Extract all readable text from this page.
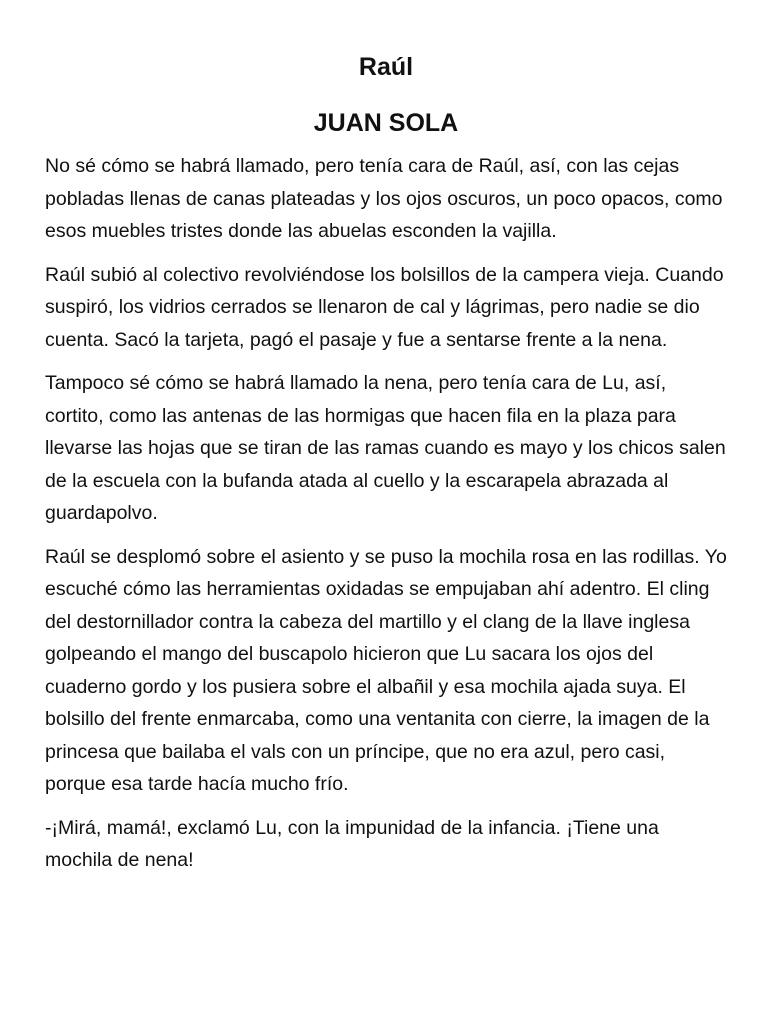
Raúl
JUAN SOLA

No sé cómo se habrá llamado, pero tenía cara de Raúl, así, con las cejas pobladas llenas de canas plateadas y los ojos oscuros, un poco opacos, como esos muebles tristes donde las abuelas esconden la vajilla.

Raúl subió al colectivo revolviéndose los bolsillos de la campera vieja. Cuando suspiró, los vidrios cerrados se llenaron de cal y lágrimas, pero nadie se dio cuenta. Sacó la tarjeta, pagó el pasaje y fue a sentarse frente a la nena.

Tampoco sé cómo se habrá llamado la nena, pero tenía cara de Lu, así, cortito, como las antenas de las hormigas que hacen fila en la plaza para llevarse las hojas que se tiran de las ramas cuando es mayo y los chicos salen de la escuela con la bufanda atada al cuello y la escarapela abrazada al guardapolvo.

Raúl se desplomó sobre el asiento y se puso la mochila rosa en las rodillas. Yo escuché cómo las herramientas oxidadas se empujaban ahí adentro. El cling del destornillador contra la cabeza del martillo y el clang de la llave inglesa golpeando el mango del buscapolo hicieron que Lu sacara los ojos del cuaderno gordo y los pusiera sobre el albañil y esa mochila ajada suya. El bolsillo del frente enmarcaba, como una ventanita con cierre, la imagen de la princesa que bailaba el vals con un príncipe, que no era azul, pero casi, porque esa tarde hacía mucho frío.

-¡Mirá, mamá!, exclamó Lu, con la impunidad de la infancia. ¡Tiene una mochila de nena!
